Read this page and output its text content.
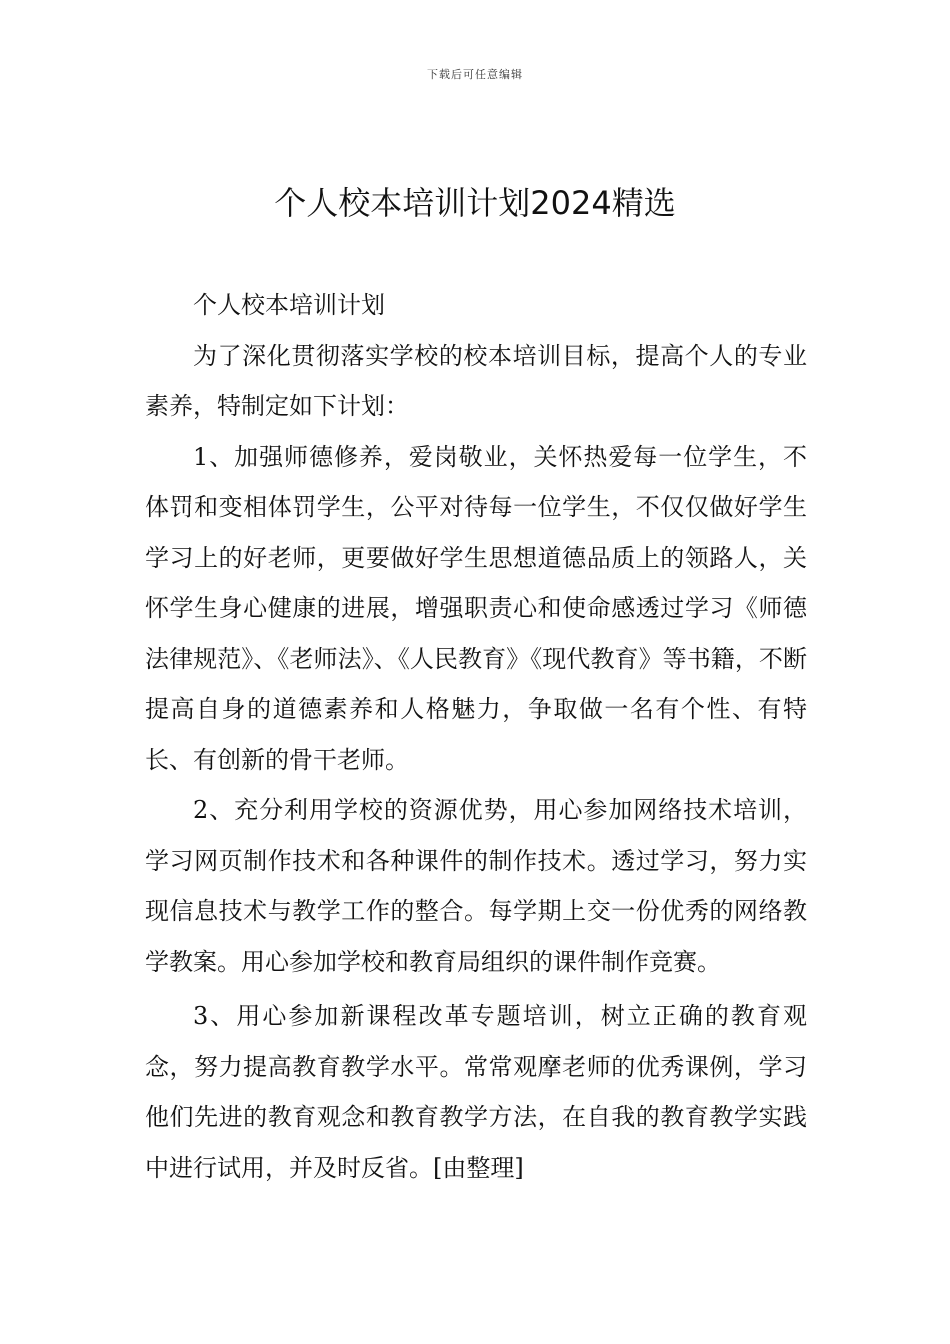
下载后可任意编辑
个人校本培训计划2024精选

个人校本培训计划

为了深化贯彻落实学校的校本培训目标，提高个人的专业素养，特制定如下计划：

1、加强师德修养，爱岗敬业，关怀热爱每一位学生，不体罚和变相体罚学生，公平对待每一位学生，不仅仅做好学生学习上的好老师，更要做好学生思想道德品质上的领路人，关怀学生身心健康的进展，增强职责心和使命感透过学习《师德法律规范》、《老师法》、《人民教育》《现代教育》等书籍，不断提高自身的道德素养和人格魅力，争取做一名有个性、有特长、有创新的骨干老师。

2、充分利用学校的资源优势，用心参加网络技术培训，学习网页制作技术和各种课件的制作技术。透过学习，努力实现信息技术与教学工作的整合。每学期上交一份优秀的网络教学教案。用心参加学校和教育局组织的课件制作竞赛。

3、用心参加新课程改革专题培训，树立正确的教育观念，努力提高教育教学水平。常常观摩老师的优秀课例，学习他们先进的教育观念和教育教学方法，在自我的教育教学实践中进行试用，并及时反省。[由整理]
